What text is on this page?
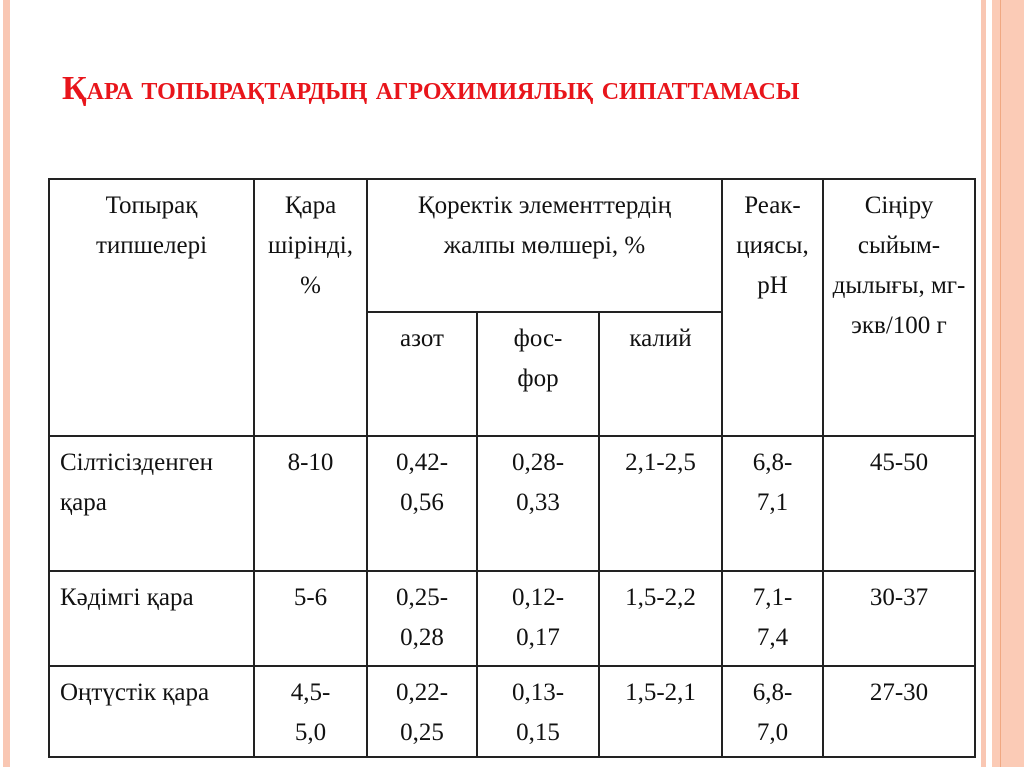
Қара топырақтардың агрохимиялық сипаттамасы
Топырақ типшелері	Қара шірінді, %	Қоректік элементтердің жалпы мөлшері, %			Реак-циясы, pH	Сіңіру сыйым-дылығы, мг-экв/100 г
		азот	фос-фор	калий		
Сілтісізденген қара	8-10	0,42-0,56	0,28-0,33	2,1-2,5	6,8-7,1	45-50
Кәдімгі қара	5-6	0,25-0,28	0,12-0,17	1,5-2,2	7,1-7,4	30-37
Оңтүстік қара	4,5-5,0	0,22-0,25	0,13-0,15	1,5-2,1	6,8-7,0	27-30
